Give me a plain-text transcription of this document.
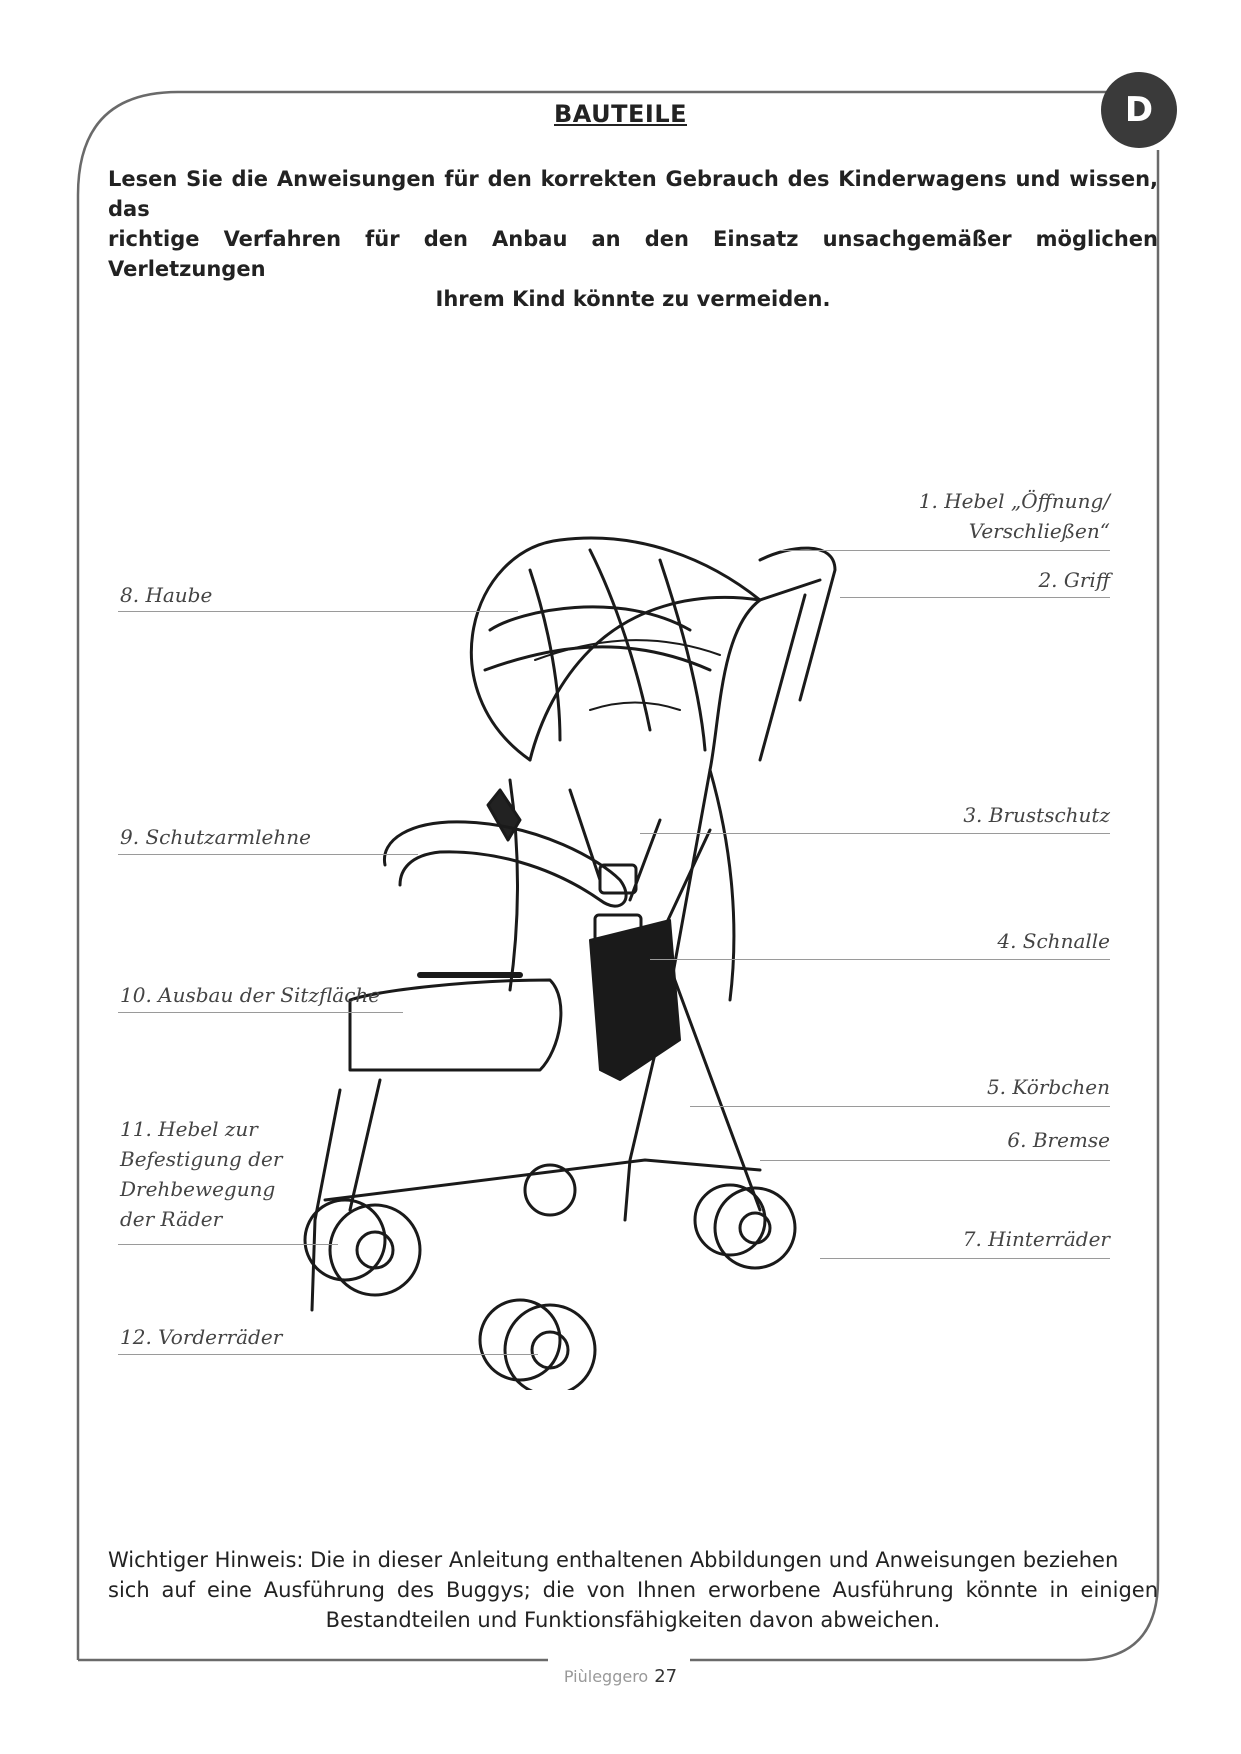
D
BAUTEILE
Lesen Sie die Anweisungen für den korrekten Gebrauch des Kinderwagens und wissen, das
richtige Verfahren für den Anbau an den Einsatz unsachgemäßer möglichen Verletzungen
Ihrem Kind könnte zu vermeiden.
1. Hebel „Öffnung/
Verschließen“
2. Griff
3. Brustschutz
4. Schnalle
5. Körbchen
6. Bremse
7. Hinterräder
8. Haube
9. Schutzarmlehne
10. Ausbau der Sitzfläche
11. Hebel zur
Befestigung der
Drehbewegung
der Räder
12. Vorderräder
Wichtiger Hinweis: Die in dieser Anleitung enthaltenen Abbildungen und Anweisungen beziehen
sich auf eine Ausführung des Buggys; die von Ihnen erworbene Ausführung könnte in einigen
Bestandteilen und Funktionsfähigkeiten davon abweichen.
Piùleggero 27
